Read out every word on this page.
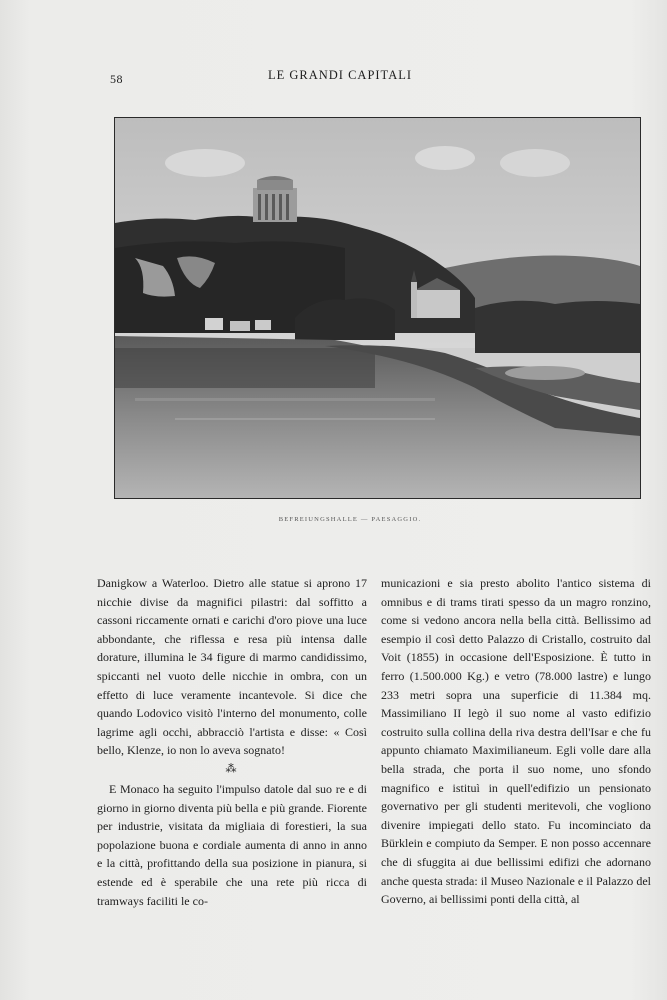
58	LE GRANDI CAPITALI
BEFREIUNGSHALLE — PAESAGGIO.

Danigkow a Waterloo. Dietro alle statue si aprono 17 nicchie divise da magnifici pilastri: dal soffitto a cassoni riccamente ornati e carichi d'oro piove una luce abbondante, che riflessa e resa più intensa dalle dorature, illumina le 34 figure di marmo candidissimo, spiccanti nel vuoto delle nicchie in ombra, con un effetto di luce veramente incantevole. Si dice che quando Lodovico visitò l'interno del monumento, colle lagrime agli occhi, abbracciò l'artista e disse: « Così bello, Klenze, io non lo aveva sognato!

⁂

E Monaco ha seguito l'impulso datole dal suo re e di giorno in giorno diventa più bella e più grande. Fiorente per industrie, visitata da migliaia di forestieri, la sua popolazione buona e cordiale aumenta di anno in anno e la città, profittando della sua posizione in pianura, si estende ed è sperabile che una rete più ricca di tramways faciliti le co-

municazioni e sia presto abolito l'antico sistema di omnibus e di trams tirati spesso da un magro ronzino, come si vedono ancora nella bella città. Bellissimo ad esempio il così detto Palazzo di Cristallo, costruito dal Voit (1855) in occasione dell'Esposizione. È tutto in ferro (1.500.000 Kg.) e vetro (78.000 lastre) e lungo 233 metri sopra una superficie di 11.384 mq. Massimiliano II legò il suo nome al vasto edifizio costruito sulla collina della riva destra dell'Isar e che fu appunto chiamato Maximilianeum. Egli volle dare alla bella strada, che porta il suo nome, uno sfondo magnifico e istituì in quell'edifizio un pensionato governativo per gli studenti meritevoli, che vogliono divenire impiegati dello stato. Fu incominciato da Bürklein e compiuto da Semper. E non posso accennare che di sfuggita ai due bellissimi edifizi che adornano anche questa strada: il Museo Nazionale e il Palazzo del Governo, ai bellissimi ponti della città, al
